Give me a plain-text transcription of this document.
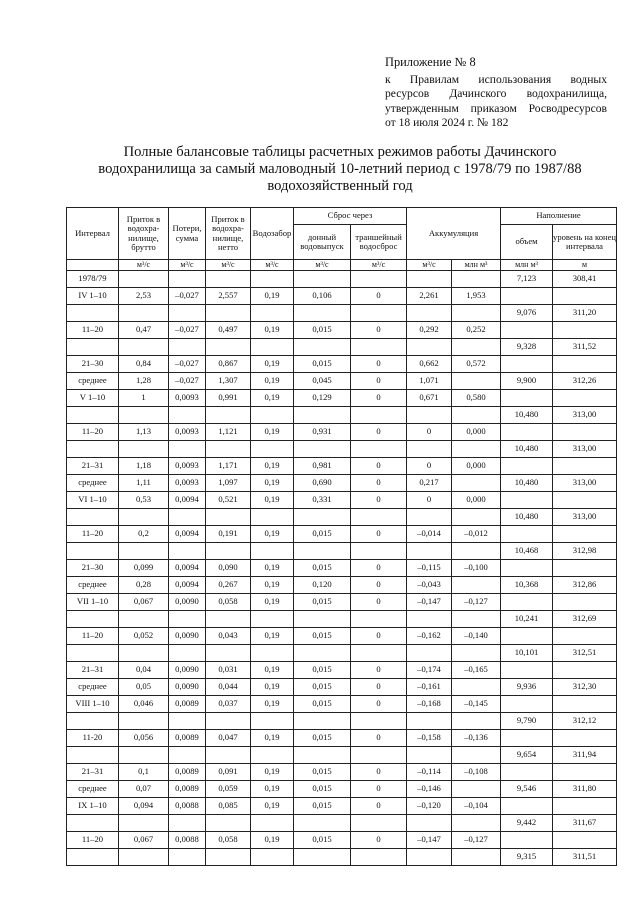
Приложение № 8
к Правилам использования водных
ресурсов Дачинского водохранилища,
утвержденным приказом Росводресурсов
от 18 июля 2024 г. № 182
Полные балансовые таблицы расчетных режимов работы Дачинского
водохранилища за самый маловодный 10-летний период с 1978/79 по 1987/88
водохозяйственный год
Интервал	Приток в водохра-нилище, брутто	Потери, сумма	Приток в водохра-нилище, нетто	Водозабор	Сброс через		Аккумуляция		Наполнение	
					донный водовыпуск	траншейный водосброс			объем	уровень на конец интервала
	м³/с	м³/с	м³/с	м³/с	м³/с	м³/с	м³/с	млн м³	млн м³	м
1978/79									7,123	308,41
IV 1–10	2,53	–0,027	2,557	0,19	0,106	0	2,261	1,953		
									9,076	311,20
11–20	0,47	–0,027	0,497	0,19	0,015	0	0,292	0,252		
									9,328	311,52
21–30	0,84	–0,027	0,867	0,19	0,015	0	0,662	0,572		
среднее	1,28	–0,027	1,307	0,19	0,045	0	1,071		9,900	312,26
V 1–10	1	0,0093	0,991	0,19	0,129	0	0,671	0,580		
									10,480	313,00
11–20	1,13	0,0093	1,121	0,19	0,931	0	0	0,000		
									10,480	313,00
21–31	1,18	0,0093	1,171	0,19	0,981	0	0	0,000		
среднее	1,11	0,0093	1,097	0,19	0,690	0	0,217		10,480	313,00
VI 1–10	0,53	0,0094	0,521	0,19	0,331	0	0	0,000		
									10,480	313,00
11–20	0,2	0,0094	0,191	0,19	0,015	0	–0,014	–0,012		
									10,468	312,98
21–30	0,099	0,0094	0,090	0,19	0,015	0	–0,115	–0,100		
среднее	0,28	0,0094	0,267	0,19	0,120	0	–0,043		10,368	312,86
VII 1–10	0,067	0,0090	0,058	0,19	0,015	0	–0,147	–0,127		
									10,241	312,69
11–20	0,052	0,0090	0,043	0,19	0,015	0	–0,162	–0,140		
									10,101	312,51
21–31	0,04	0,0090	0,031	0,19	0,015	0	–0,174	–0,165		
среднее	0,05	0,0090	0,044	0,19	0,015	0	–0,161		9,936	312,30
VIII 1–10	0,046	0,0089	0,037	0,19	0,015	0	–0,168	–0,145		
									9,790	312,12
11-20	0,056	0,0089	0,047	0,19	0,015	0	–0,158	–0,136		
									9,654	311,94
21–31	0,1	0,0089	0,091	0,19	0,015	0	–0,114	–0,108		
среднее	0,07	0,0089	0,059	0,19	0,015	0	–0,146		9,546	311,80
IX 1–10	0,094	0,0088	0,085	0,19	0,015	0	–0,120	–0,104		
									9,442	311,67
11–20	0,067	0,0088	0,058	0,19	0,015	0	–0,147	–0,127		
									9,315	311,51
